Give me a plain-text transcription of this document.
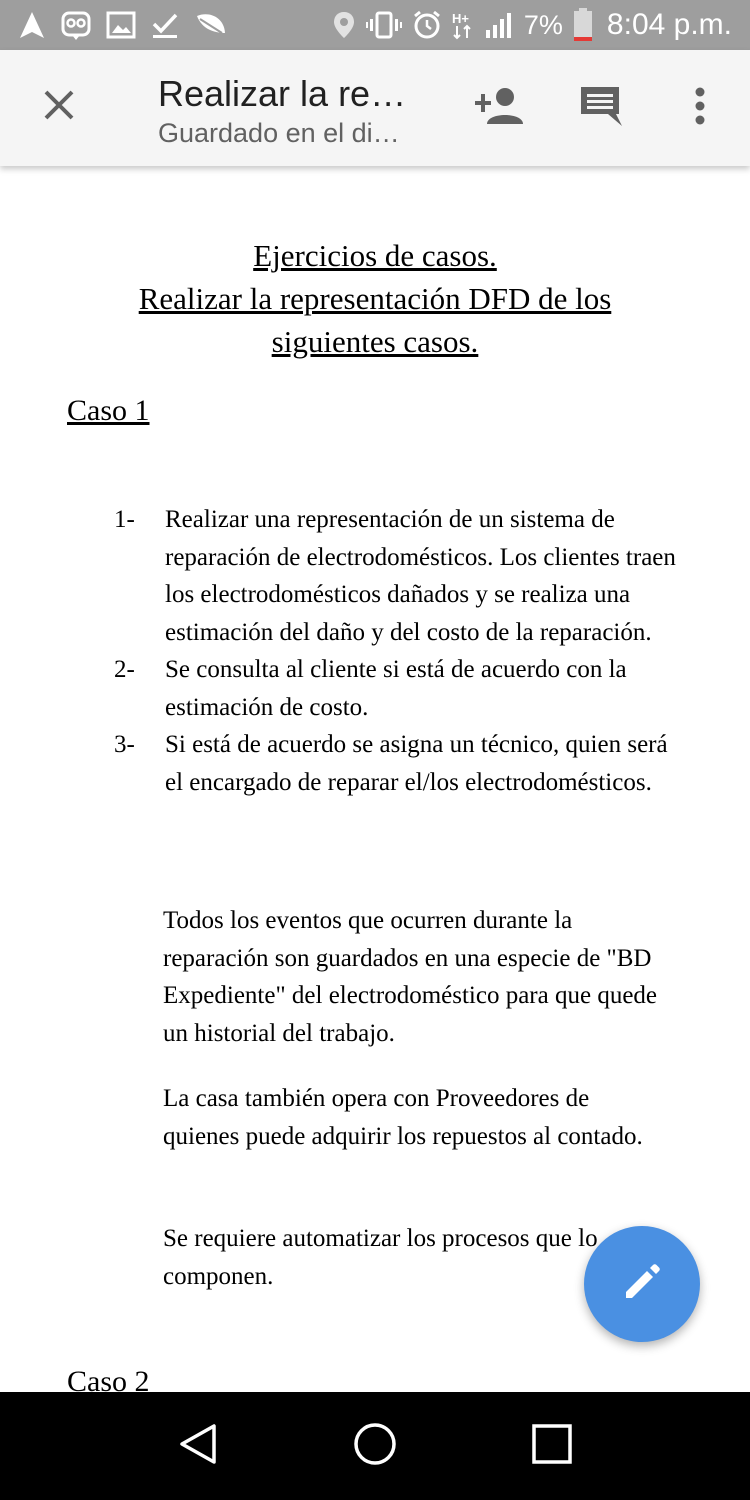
H+ 7% 8:04 p.m.
Realizar la re…
Guardado en el di…
Ejercicios de casos.
Realizar la representación DFD de los
siguientes casos.
Caso 1
1-	Realizar una representación de un sistema de reparación de electrodomésticos. Los clientes traen los electrodomésticos dañados y se realiza una estimación del daño y del costo de la reparación.
2-	Se consulta al cliente si está de acuerdo con la estimación de costo.
3-	Si está de acuerdo se asigna un técnico, quien será el encargado de reparar el/los electrodomésticos.

Todos los eventos que ocurren durante la reparación son guardados en una especie de "BD Expediente" del electrodoméstico para que quede un historial del trabajo.

La casa también opera con Proveedores de quienes puede adquirir los repuestos al contado.

Se requiere automatizar los procesos que lo componen.

Caso 2
